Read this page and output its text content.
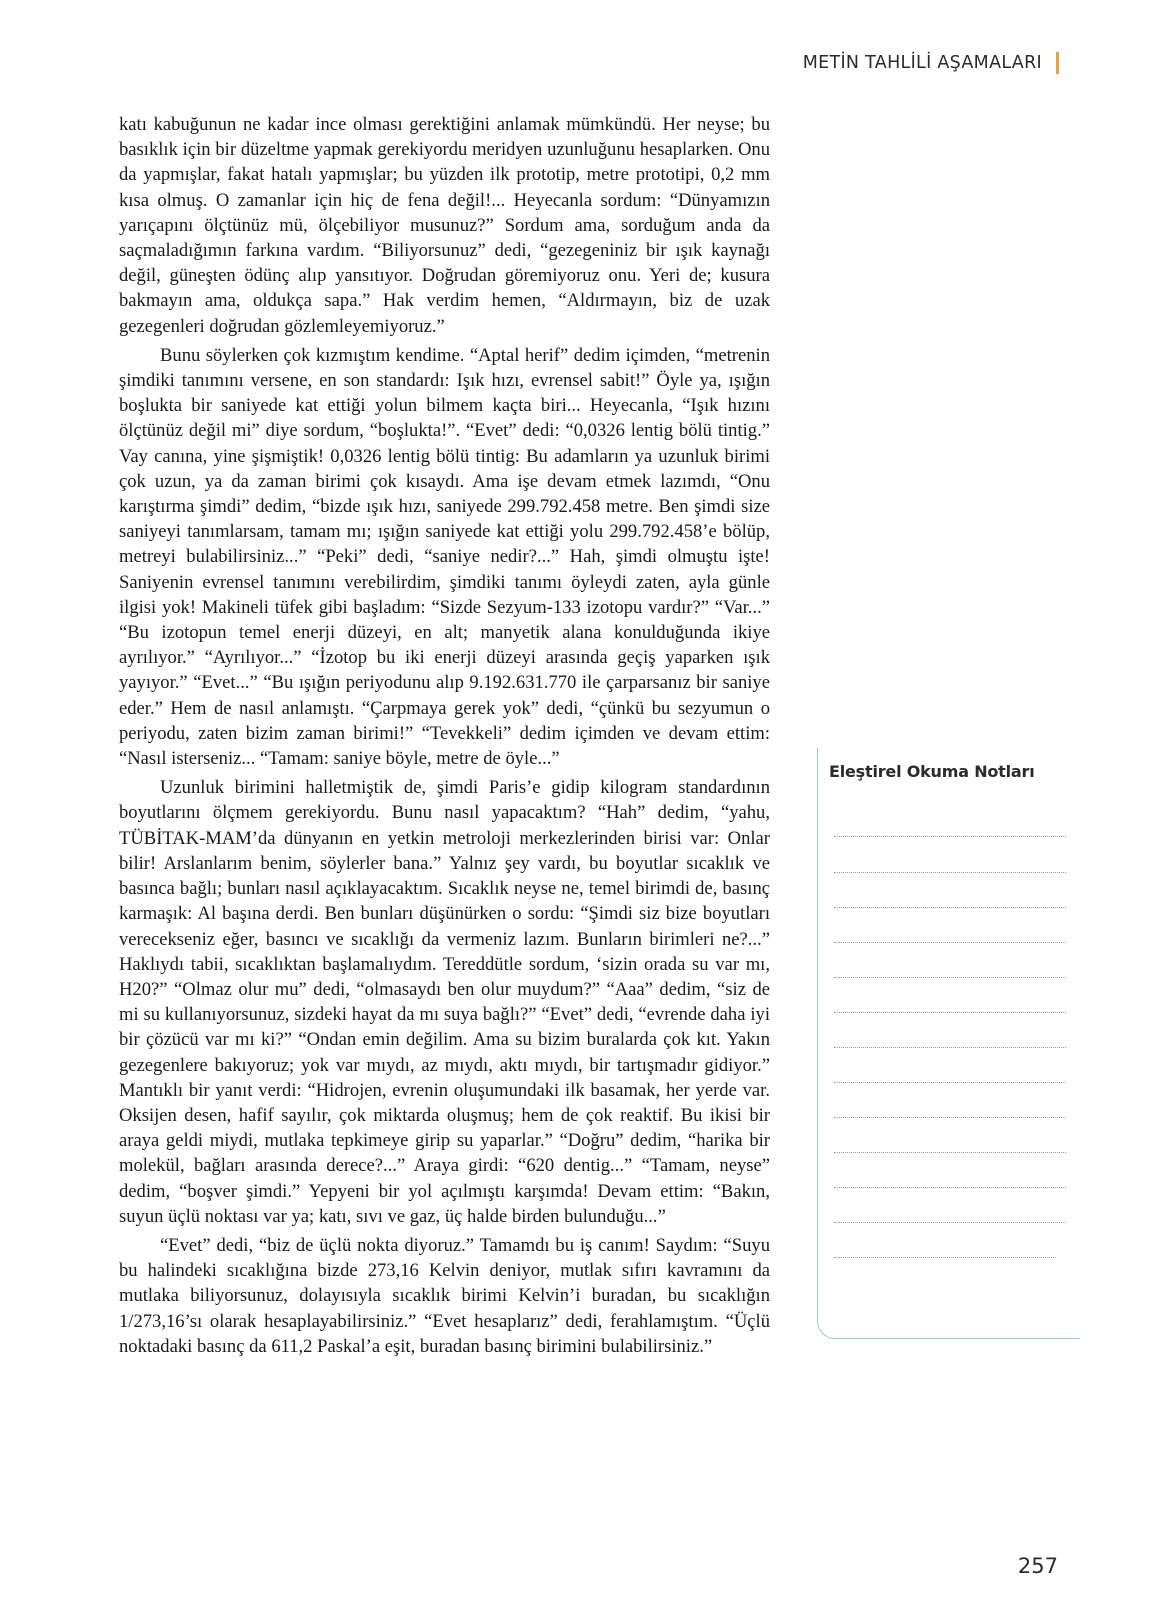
METİN TAHLİLİ AŞAMALARI

katı kabuğunun ne kadar ince olması gerektiğini anlamak mümkündü. Her neyse; bu basıklık için bir düzeltme yapmak gerekiyordu meridyen uzunluğunu hesaplarken. Onu da yapmışlar, fakat hatalı yapmışlar; bu yüzden ilk prototip, metre prototipi, 0,2 mm kısa olmuş. O zamanlar için hiç de fena değil!... Heyecanla sordum: “Dünyamızın yarıçapını ölçtünüz mü, ölçebiliyor musunuz?” Sordum ama, sorduğum anda da saçmaladığımın farkına vardım. “Biliyorsunuz” dedi, “gezegeniniz bir ışık kaynağı değil, güneşten ödünç alıp yansıtıyor. Doğrudan göremiyoruz onu. Yeri de; kusura bakmayın ama, oldukça sapa.” Hak verdim hemen, “Aldırmayın, biz de uzak gezegenleri doğrudan gözlemleyemiyoruz.”

Bunu söylerken çok kızmıştım kendime. “Aptal herif” dedim içimden, “metrenin şimdiki tanımını versene, en son standardı: Işık hızı, evrensel sabit!” Öyle ya, ışığın boşlukta bir saniyede kat ettiği yolun bilmem kaçta biri... Heyecanla, “Işık hızını ölçtünüz değil mi” diye sordum, “boşlukta!”. “Evet” dedi: “0,0326 lentig bölü tintig.” Vay canına, yine şişmiştik! 0,0326 lentig bölü tintig: Bu adamların ya uzunluk birimi çok uzun, ya da zaman birimi çok kısaydı. Ama işe devam etmek lazımdı, “Onu karıştırma şimdi” dedim, “bizde ışık hızı, saniyede 299.792.458 metre. Ben şimdi size saniyeyi tanımlarsam, tamam mı; ışığın saniyede kat ettiği yolu 299.792.458’e bölüp, metreyi bulabilirsiniz...” “Peki” dedi, “saniye nedir?...” Hah, şimdi olmuştu işte! Saniyenin evrensel tanımını verebilirdim, şimdiki tanımı öyleydi zaten, ayla günle ilgisi yok! Makineli tüfek gibi başladım: “Sizde Sezyum-133 izotopu vardır?” “Var...” “Bu izotopun temel enerji düzeyi, en alt; manyetik alana konulduğunda ikiye ayrılıyor.” “Ayrılıyor...” “İzotop bu iki enerji düzeyi arasında geçiş yaparken ışık yayıyor.” “Evet...” “Bu ışığın periyodunu alıp 9.192.631.770 ile çarparsanız bir saniye eder.” Hem de nasıl anlamıştı. “Çarpmaya gerek yok” dedi, “çünkü bu sezyumun o periyodu, zaten bizim zaman birimi!” “Tevekkeli” dedim içimden ve devam ettim: “Nasıl isterseniz... “Tamam: saniye böyle, metre de öyle...”

Uzunluk birimini halletmiştik de, şimdi Paris’e gidip kilogram standardının boyutlarını ölçmem gerekiyordu. Bunu nasıl yapacaktım? “Hah” dedim, “yahu, TÜBİTAK-MAM’da dünyanın en yetkin metroloji merkezlerinden birisi var: Onlar bilir! Arslanlarım benim, söylerler bana.” Yalnız şey vardı, bu boyutlar sıcaklık ve basınca bağlı; bunları nasıl açıklayacaktım. Sıcaklık neyse ne, temel birimdi de, basınç karmaşık: Al başına derdi. Ben bunları düşünürken o sordu: “Şimdi siz bize boyutları verecekseniz eğer, basıncı ve sıcaklığı da vermeniz lazım. Bunların birimleri ne?...” Haklıydı tabii, sıcaklıktan başlamalıydım. Tereddütle sordum, ‘sizin orada su var mı, H20?” “Olmaz olur mu” dedi, “olmasaydı ben olur muydum?” “Aaa” dedim, “siz de mi su kullanıyorsunuz, sizdeki hayat da mı suya bağlı?” “Evet” dedi, “evrende daha iyi bir çözücü var mı ki?” “Ondan emin değilim. Ama su bizim buralarda çok kıt. Yakın gezegenlere bakıyoruz; yok var mıydı, az mıydı, aktı mıydı, bir tartışmadır gidiyor.” Mantıklı bir yanıt verdi: “Hidrojen, evrenin oluşumundaki ilk basamak, her yerde var. Oksijen desen, hafif sayılır, çok miktarda oluşmuş; hem de çok reaktif. Bu ikisi bir araya geldi miydi, mutlaka tepkimeye girip su yaparlar.” “Doğru” dedim, “harika bir molekül, bağları arasında derece?...” Araya girdi: “620 dentig...” “Tamam, neyse” dedim, “boşver şimdi.” Yepyeni bir yol açılmıştı karşımda! Devam ettim: “Bakın, suyun üçlü noktası var ya; katı, sıvı ve gaz, üç halde birden bulunduğu...”

“Evet” dedi, “biz de üçlü nokta diyoruz.” Tamamdı bu iş canım! Saydım: “Suyu bu halindeki sıcaklığına bizde 273,16 Kelvin deniyor, mutlak sıfırı kavramını da mutlaka biliyorsunuz, dolayısıyla sıcaklık birimi Kelvin’i buradan, bu sıcaklığın 1/273,16’sı olarak hesaplayabilirsiniz.” “Evet hesaplarız” dedi, ferahlamıştım. “Üçlü noktadaki basınç da 611,2 Paskal’a eşit, buradan basınç birimini bulabilirsiniz.”

Eleştirel Okuma Notları
257
